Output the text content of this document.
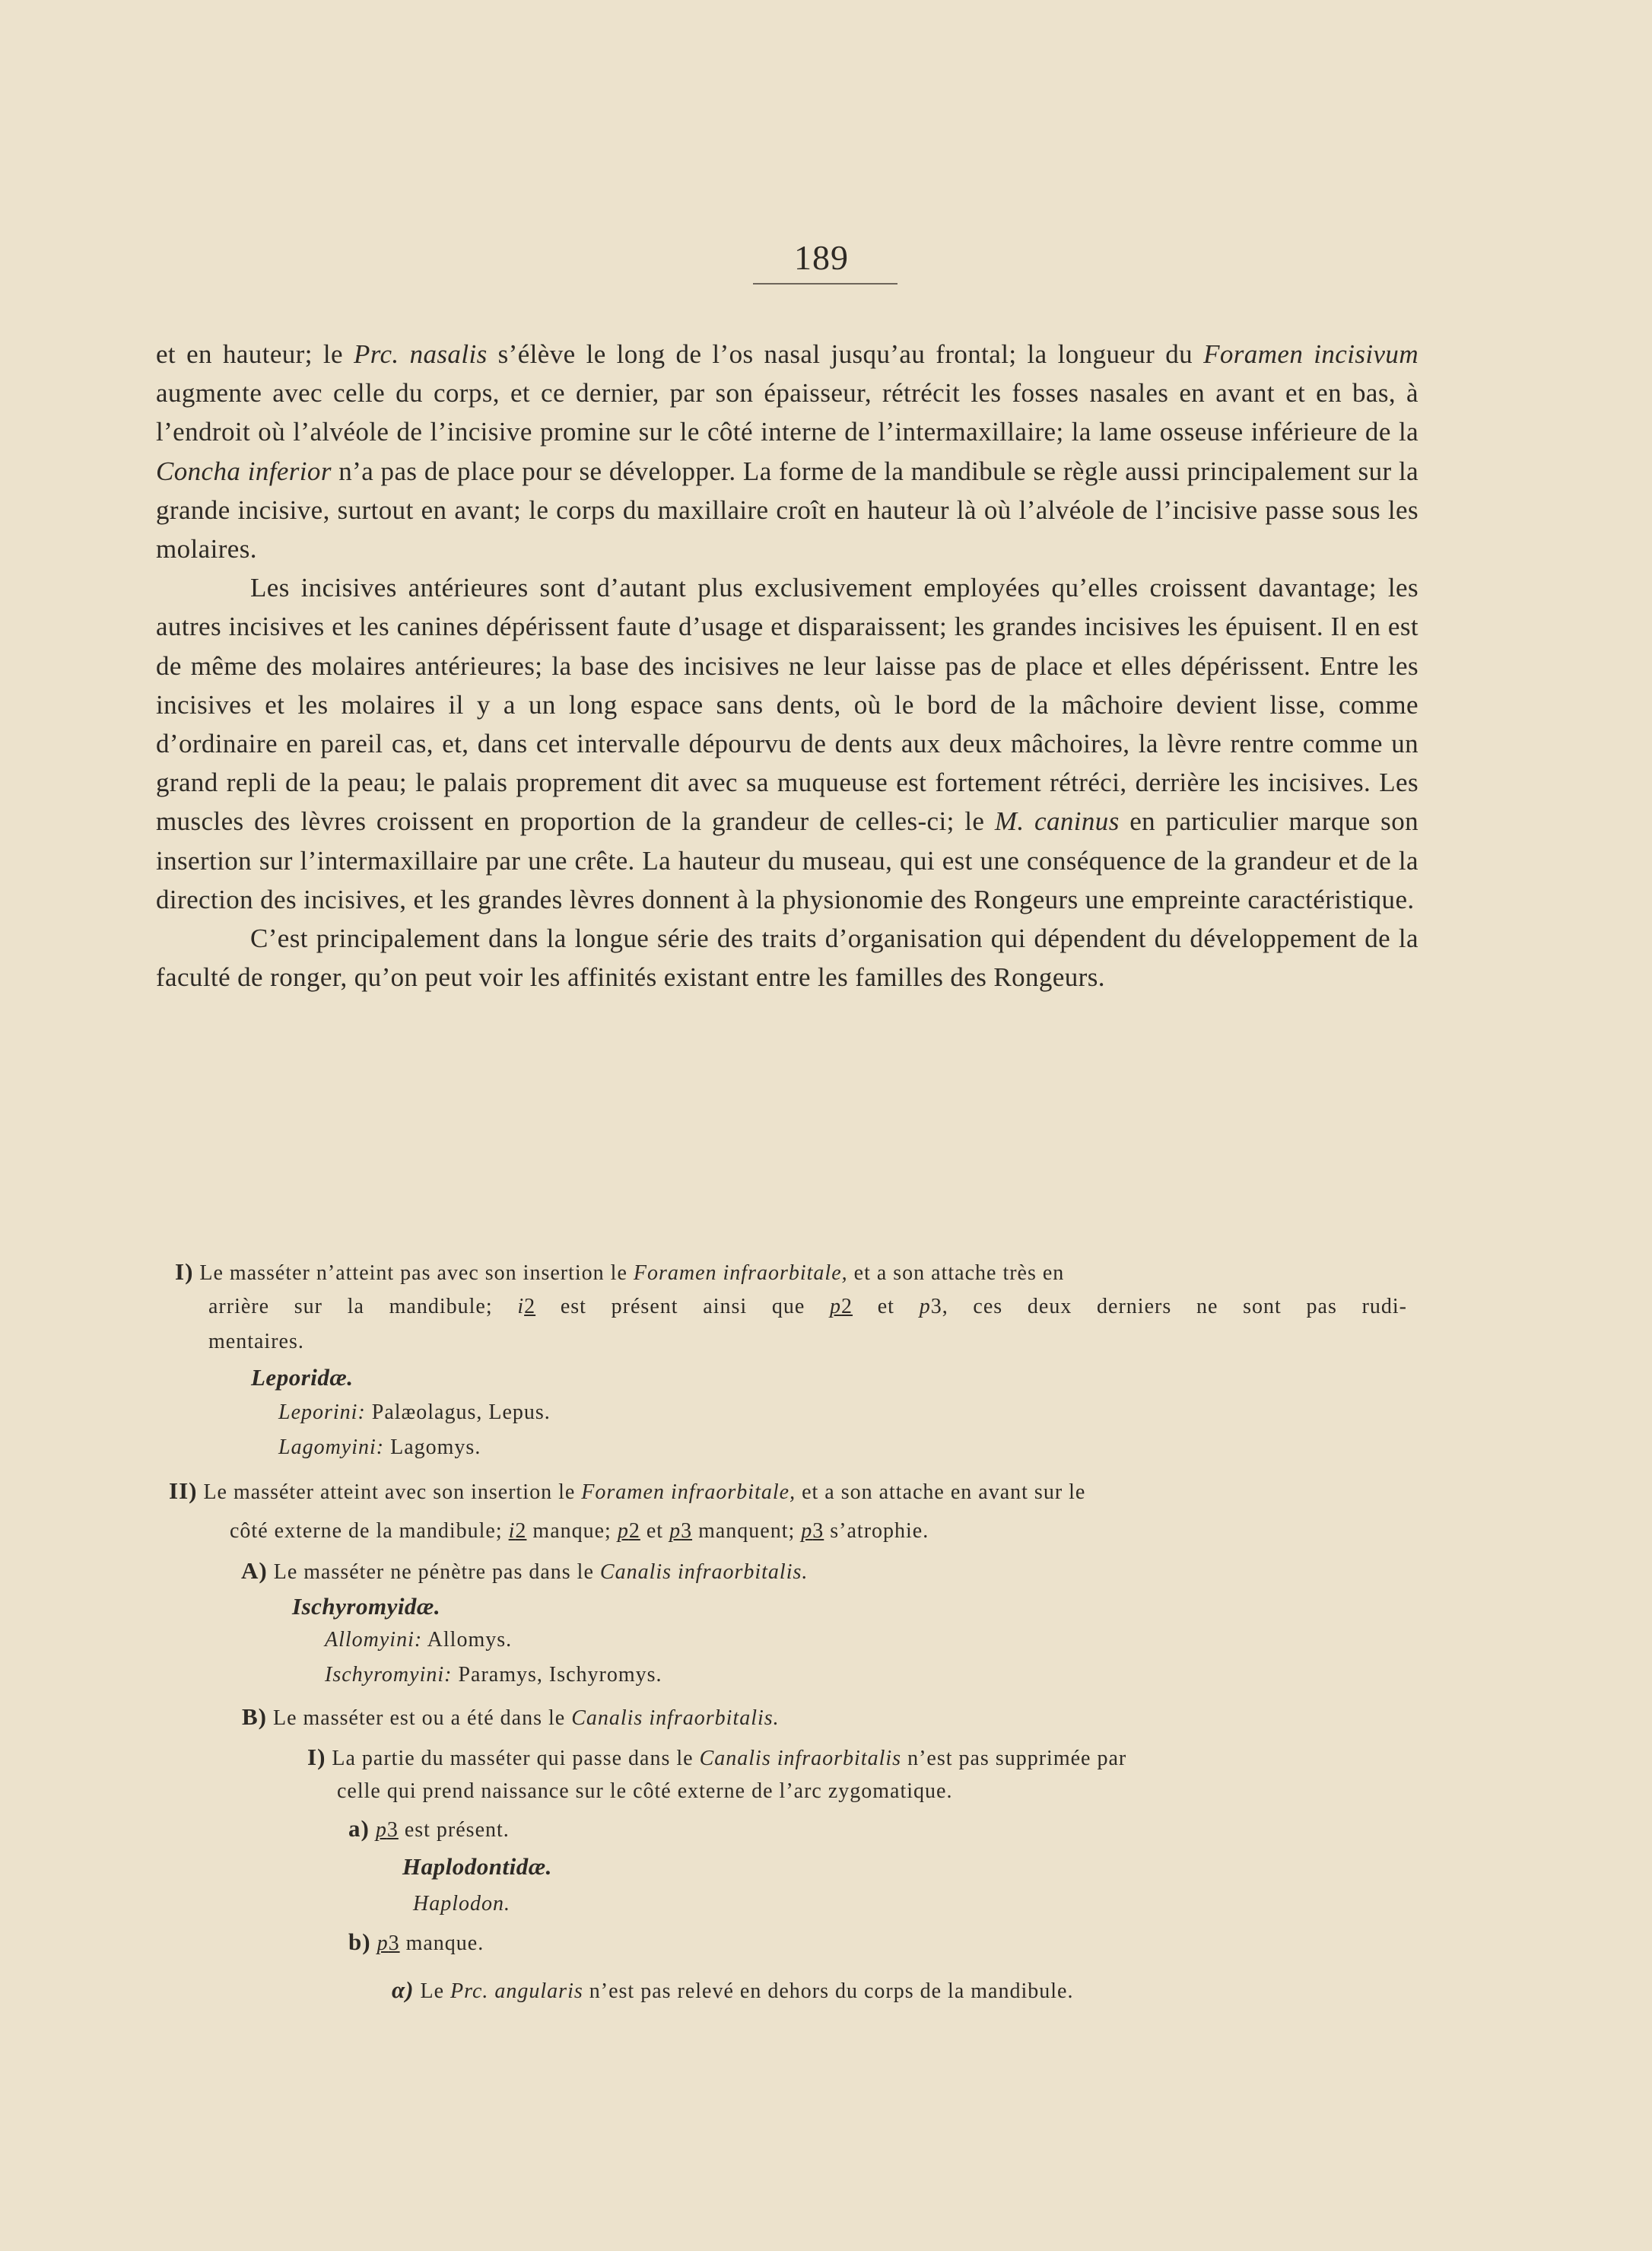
189

et en hauteur; le Prc. nasalis s’élève le long de l’os nasal jusqu’au frontal; la longueur du Foramen incisivum augmente avec celle du corps, et ce dernier, par son épaisseur, rétrécit les fosses nasales en avant et en bas, à l’endroit où l’alvéole de l’incisive promine sur le côté interne de l’intermaxillaire; la lame osseuse inférieure de la Concha inferior n’a pas de place pour se développer. La forme de la mandibule se règle aussi principalement sur la grande incisive, surtout en avant; le corps du maxillaire croît en hauteur là où l’alvéole de l’incisive passe sous les molaires.

Les incisives antérieures sont d’autant plus exclusivement employées qu’elles croissent davantage; les autres incisives et les canines dépérissent faute d’usage et disparaissent; les grandes incisives les épuisent. Il en est de même des molaires antérieures; la base des incisives ne leur laisse pas de place et elles dépérissent. Entre les incisives et les molaires il y a un long espace sans dents, où le bord de la mâchoire devient lisse, comme d’ordinaire en pareil cas, et, dans cet intervalle dépourvu de dents aux deux mâchoires, la lèvre rentre comme un grand repli de la peau; le palais proprement dit avec sa muqueuse est fortement rétréci, derrière les incisives. Les muscles des lèvres croissent en proportion de la grandeur de celles-ci; le M. caninus en particulier marque son insertion sur l’intermaxillaire par une crête. La hauteur du museau, qui est une conséquence de la grandeur et de la direction des incisives, et les grandes lèvres donnent à la physionomie des Rongeurs une empreinte caractéristique.

C’est principalement dans la longue série des traits d’organisation qui dépendent du développement de la faculté de ronger, qu’on peut voir les affinités existant entre les familles des Rongeurs.

I) Le masséter n’atteint pas avec son insertion le Foramen infraorbitale, et a son attache très en
arrière sur la mandibule; i2 est présent ainsi que p2 et p3, ces deux derniers ne sont pas rudi-
mentaires.
Leporidæ.
Leporini: Palæolagus, Lepus.
Lagomyini: Lagomys.
II) Le masséter atteint avec son insertion le Foramen infraorbitale, et a son attache en avant sur le
côté externe de la mandibule; i2 manque; p2 et p3 manquent; p3 s’atrophie.
A) Le masséter ne pénètre pas dans le Canalis infraorbitalis.
Ischyromyidæ.
Allomyini: Allomys.
Ischyromyini: Paramys, Ischyromys.
B) Le masséter est ou a été dans le Canalis infraorbitalis.
I) La partie du masséter qui passe dans le Canalis infraorbitalis n’est pas supprimée par
celle qui prend naissance sur le côté externe de l’arc zygomatique.
a) p3 est présent.
Haplodontidæ.
Haplodon.
b) p3 manque.
α) Le Prc. angularis n’est pas relevé en dehors du corps de la mandibule.
